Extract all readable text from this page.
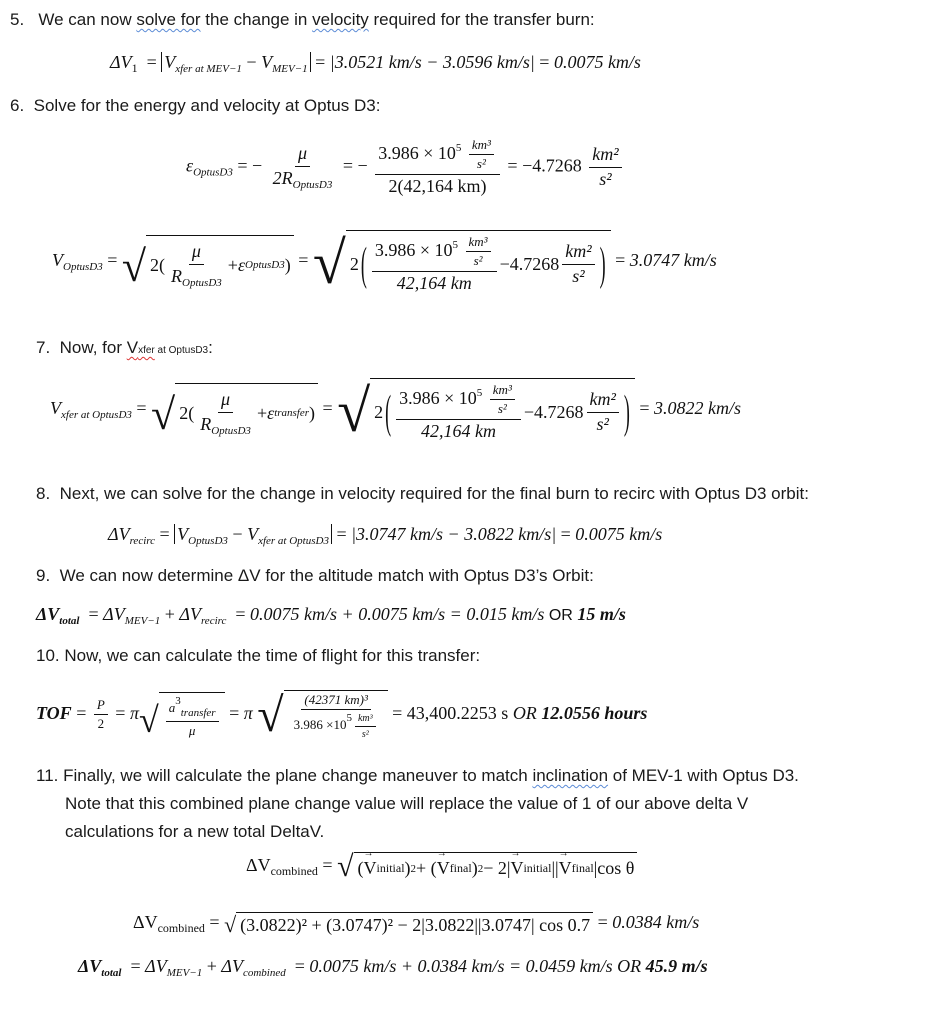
5. We can now solve for the change in velocity required for the transfer burn:
$\Delta V_1 = V_{xfer at MEV-1} - V_{MEV-1} = |3.0521$ km/s − 3.0596 km/s| = 0.0075 km/s
6. Solve for the energy and velocity at Optus D3:
$\varepsilon_{OptusD3}$ = − $\frac{\mu}{2R_{OptusD3}}$ = − $\frac{3.986 \times 10^5 \frac{\text{km³}}{\text{s²}}}{2(42,164 km)} = -4.7268 \frac{\text{km²}}{\text{s²}}$
$V_{OptusD3}$ = √ $2( \frac{\mu}{R_{OptusD3}} + \varepsilon$ OptusD3 ) = √ 2 ( $\frac{3.986 \times 10^5 \frac{\text{km³}}{\text{s²}}}{42,164 km} - 4.7268 \frac{\text{km²}}{\text{s²}}$ ) = 3.0747 km/s
7. Now, for Vxfer at OptusD3:
$V_{xfer at OptusD3}$ = √ $2( \frac{\mu}{R_{OptusD3}} + \varepsilon$ transfer ) = √ 2 ( $\frac{3.986 \times 10^5 \frac{\text{km³}}{\text{s²}}}{42,164 km} - 4.7268 \frac{\text{km²}}{\text{s²}}$ ) = 3.0822 km/s
8. Next, we can solve for the change in velocity required for the final burn to recirc with Optus D3 orbit:
$\Delta V_{recirc} = V_{OptusD3} - V_{xfer at OptusD3} = |3.0747$ km/s − 3.0822 km/s| = 0.0075 km/s
9. We can now determine ΔV for the altitude match with Optus D3’s Orbit:
$\Delta V_{total} = \Delta V_{MEV-1} + \Delta V_{recirc} = 0.0075$ km/s + 0.0075 km/s = 0.015 km/s OR 15 m/s
10. Now, we can calculate the time of flight for this transfer:
TOF = $\frac{P}{2} = \pi$ √ $\frac{a^3_{transfer}}{\mu} = \pi$ √ $\frac{\text{(42371 km)³}}{3.986 \times 10^5 \frac{\text{km³}}{\text{s²}}} = 43,400.2253$ s OR 12.0556 hours
11. Finally, we will calculate the plane change maneuver to match inclination of MEV-1 with Optus D3.
Note that this combined plane change value will replace the value of 1 of our above delta V
calculations for a new total DeltaV.
$\Delta V_{combined}$ = √ ( → V initial ) 2 + ( → V final ) 2 − 2| → V initial || → V final | cos θ
$\Delta V_{combined}$ = √ (3.0822)² + (3.0747)² − 2|3.0822||3.0747| cos 0.7 = 0.0384 km/s
$\Delta V_{total} = \Delta V_{MEV-1} + \Delta V_{combined} = 0.0075$ km/s + 0.0384 km/s = 0.0459 km/s OR 45.9 m/s
